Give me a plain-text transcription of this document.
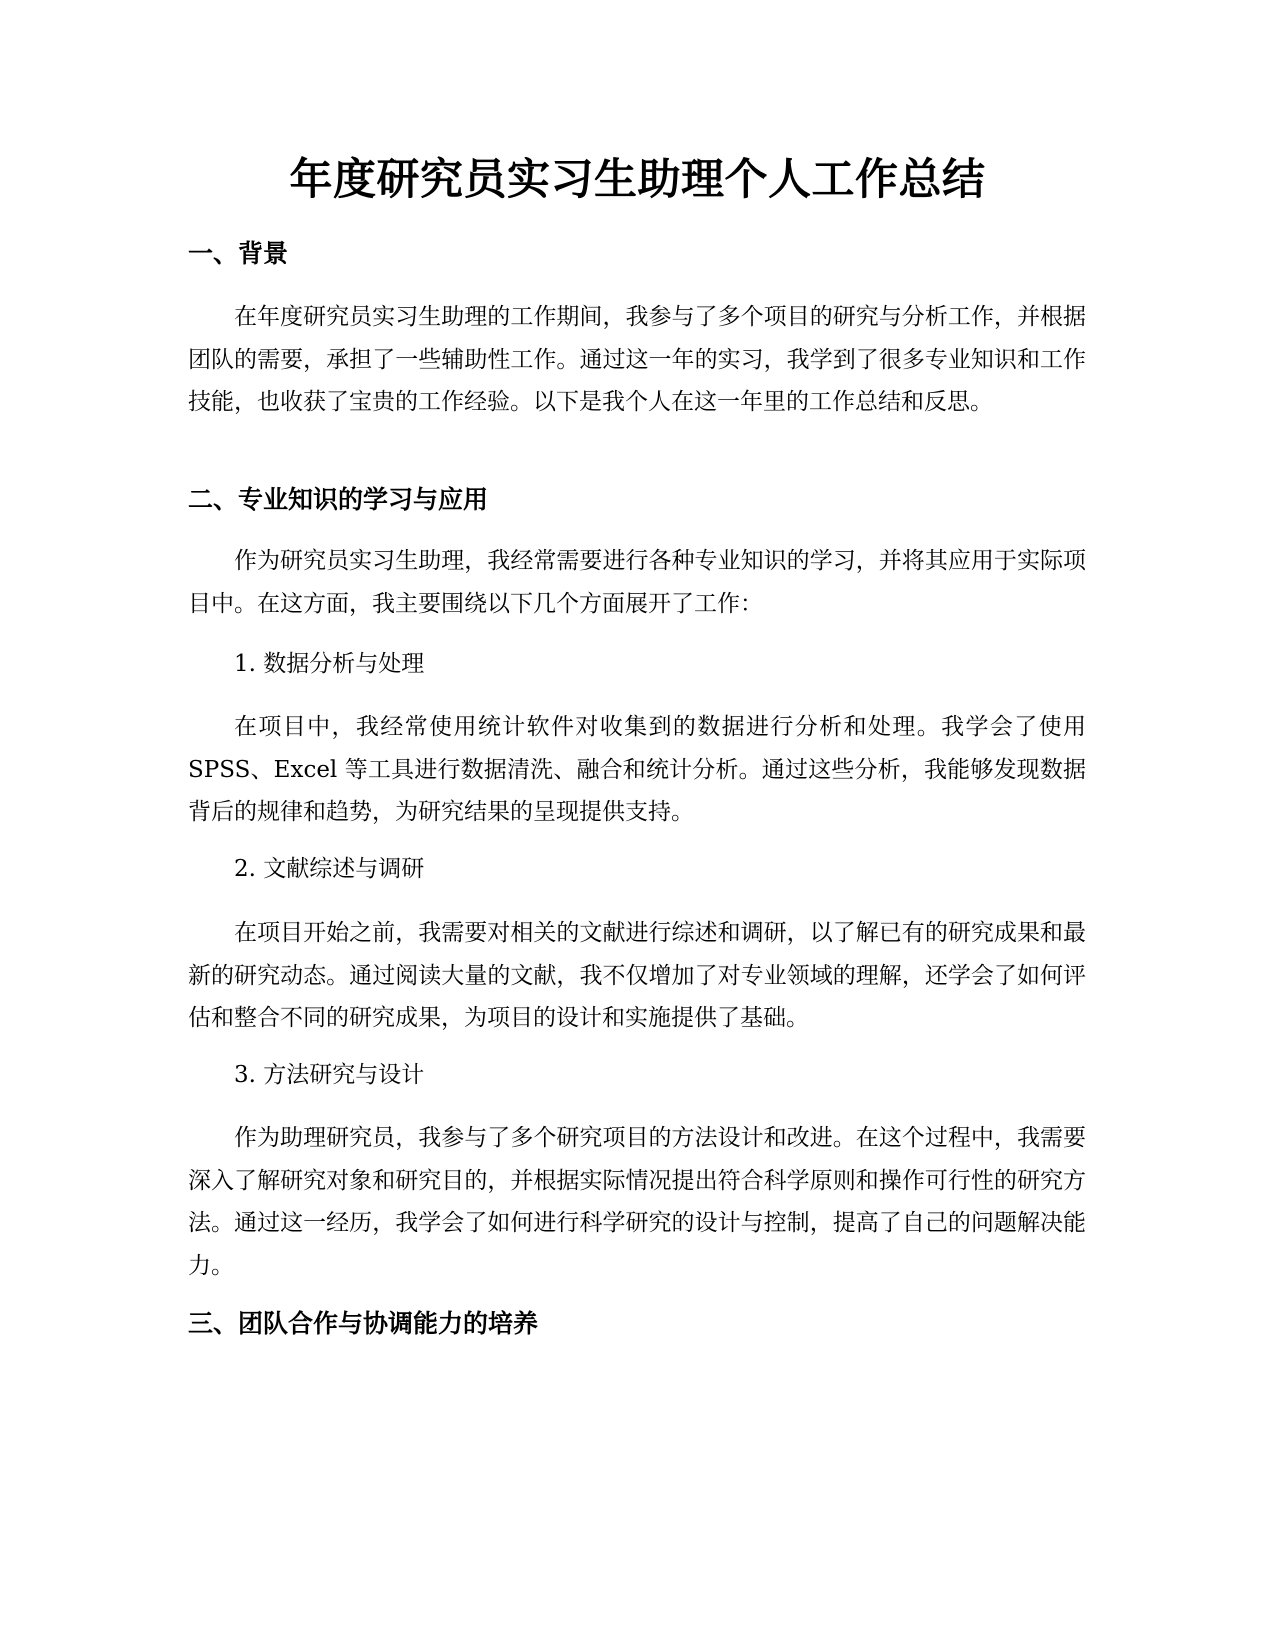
年度研究员实习生助理个人工作总结
一、背景

在年度研究员实习生助理的工作期间，我参与了多个项目的研究与分析工作，并根据团队的需要，承担了一些辅助性工作。通过这一年的实习，我学到了很多专业知识和工作技能，也收获了宝贵的工作经验。以下是我个人在这一年里的工作总结和反思。

二、专业知识的学习与应用

作为研究员实习生助理，我经常需要进行各种专业知识的学习，并将其应用于实际项目中。在这方面，我主要围绕以下几个方面展开了工作：

1. 数据分析与处理

在项目中，我经常使用统计软件对收集到的数据进行分析和处理。我学会了使用 SPSS、Excel 等工具进行数据清洗、融合和统计分析。通过这些分析，我能够发现数据背后的规律和趋势，为研究结果的呈现提供支持。

2. 文献综述与调研

在项目开始之前，我需要对相关的文献进行综述和调研，以了解已有的研究成果和最新的研究动态。通过阅读大量的文献，我不仅增加了对专业领域的理解，还学会了如何评估和整合不同的研究成果，为项目的设计和实施提供了基础。

3. 方法研究与设计

作为助理研究员，我参与了多个研究项目的方法设计和改进。在这个过程中，我需要深入了解研究对象和研究目的，并根据实际情况提出符合科学原则和操作可行性的研究方法。通过这一经历，我学会了如何进行科学研究的设计与控制，提高了自己的问题解决能力。

三、团队合作与协调能力的培养
